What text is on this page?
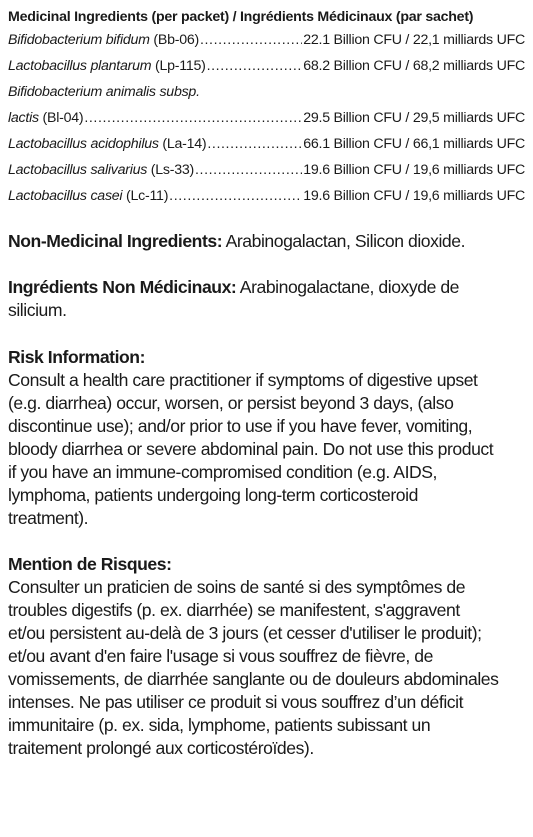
Medicinal Ingredients (per packet) / Ingrédients Médicinaux (par sachet)
Bifidobacterium bifidum (Bb-06) .....	22.1 Billion CFU / 22,1 milliards UFC
Lactobacillus plantarum (Lp-115) .....	68.2 Billion CFU / 68,2 milliards UFC
Bifidobacterium animalis subsp.
lactis (Bl-04) .....	29.5 Billion CFU / 29,5 milliards UFC
Lactobacillus acidophilus (La-14) .....	66.1 Billion CFU / 66,1 milliards UFC
Lactobacillus salivarius (Ls-33) .....	19.6 Billion CFU / 19,6 milliards UFC
Lactobacillus casei (Lc-11) .....	19.6 Billion CFU / 19,6 milliards UFC
Non-Medicinal Ingredients: Arabinogalactan, Silicon dioxide.
Ingrédients Non Médicinaux: Arabinogalactane, dioxyde de
silicium.
Risk Information:
Consult a health care practitioner if symptoms of digestive upset
(e.g. diarrhea) occur, worsen, or persist beyond 3 days, (also
discontinue use); and/or prior to use if you have fever, vomiting,
bloody diarrhea or severe abdominal pain. Do not use this product
if you have an immune-compromised condition (e.g. AIDS,
lymphoma, patients undergoing long-term corticosteroid
treatment).
Mention de Risques:
Consulter un praticien de soins de santé si des symptômes de
troubles digestifs (p. ex. diarrhée) se manifestent, s'aggravent
et/ou persistent au-delà de 3 jours (et cesser d'utiliser le produit);
et/ou avant d'en faire l'usage si vous souffrez de fièvre, de
vomissements, de diarrhée sanglante ou de douleurs abdominales
intenses. Ne pas utiliser ce produit si vous souffrez d’un déficit
immunitaire (p. ex. sida, lymphome, patients subissant un
traitement prolongé aux corticostéroïdes).
